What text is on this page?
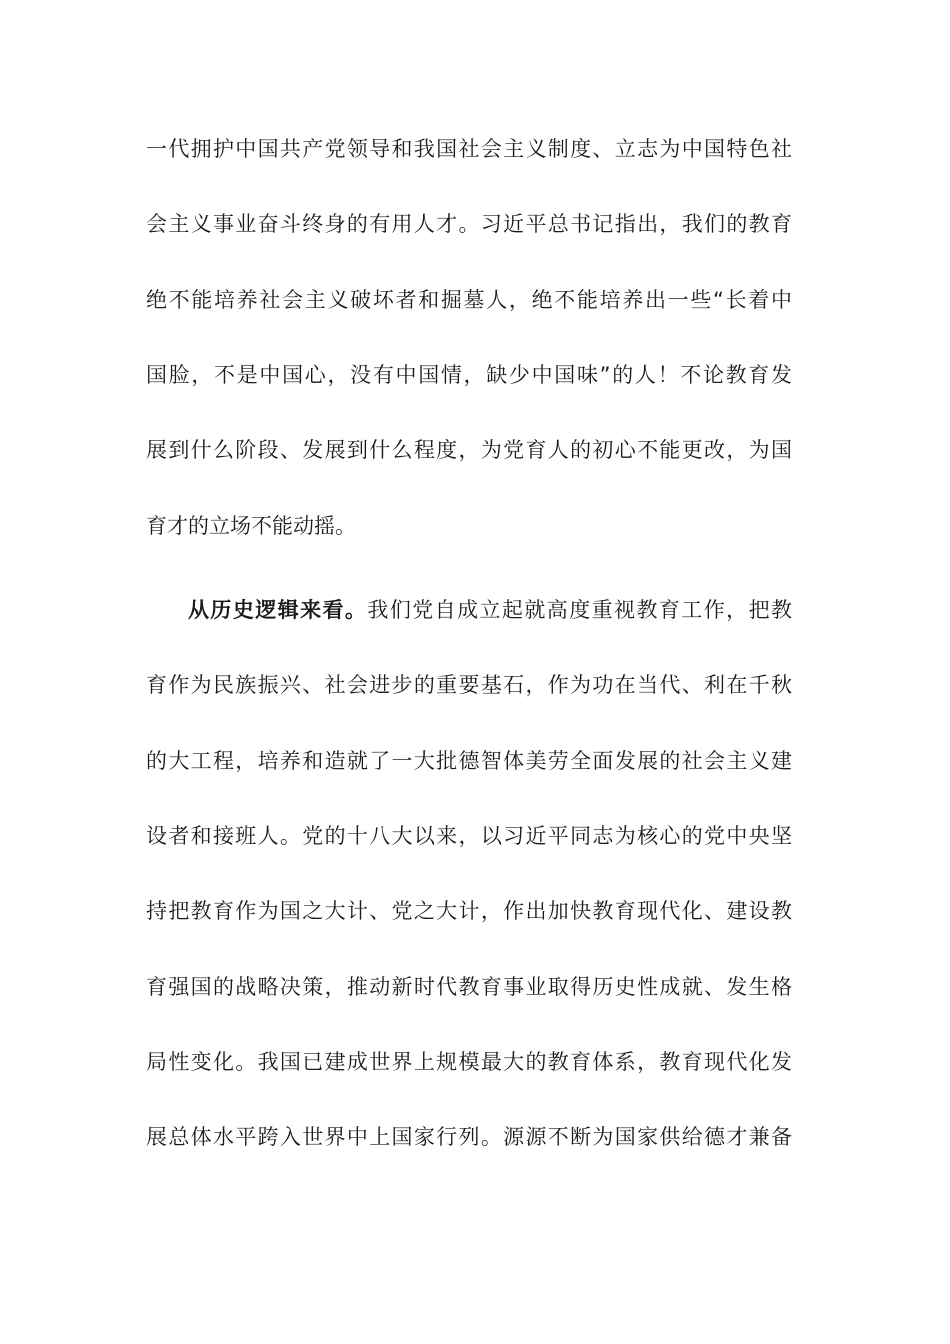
一代拥护中国共产党领导和我国社会主义制度、立志为中国特色社
会主义事业奋斗终身的有用人才。习近平总书记指出，我们的教育
绝不能培养社会主义破坏者和掘墓人，绝不能培养出一些“长着中
国脸，不是中国心，没有中国情，缺少中国味”的人！不论教育发
展到什么阶段、发展到什么程度，为党育人的初心不能更改，为国
育才的立场不能动摇。
从历史逻辑来看。我们党自成立起就高度重视教育工作，把教
育作为民族振兴、社会进步的重要基石，作为功在当代、利在千秋
的大工程，培养和造就了一大批德智体美劳全面发展的社会主义建
设者和接班人。党的十八大以来，以习近平同志为核心的党中央坚
持把教育作为国之大计、党之大计，作出加快教育现代化、建设教
育强国的战略决策，推动新时代教育事业取得历史性成就、发生格
局性变化。我国已建成世界上规模最大的教育体系，教育现代化发
展总体水平跨入世界中上国家行列。源源不断为国家供给德才兼备
